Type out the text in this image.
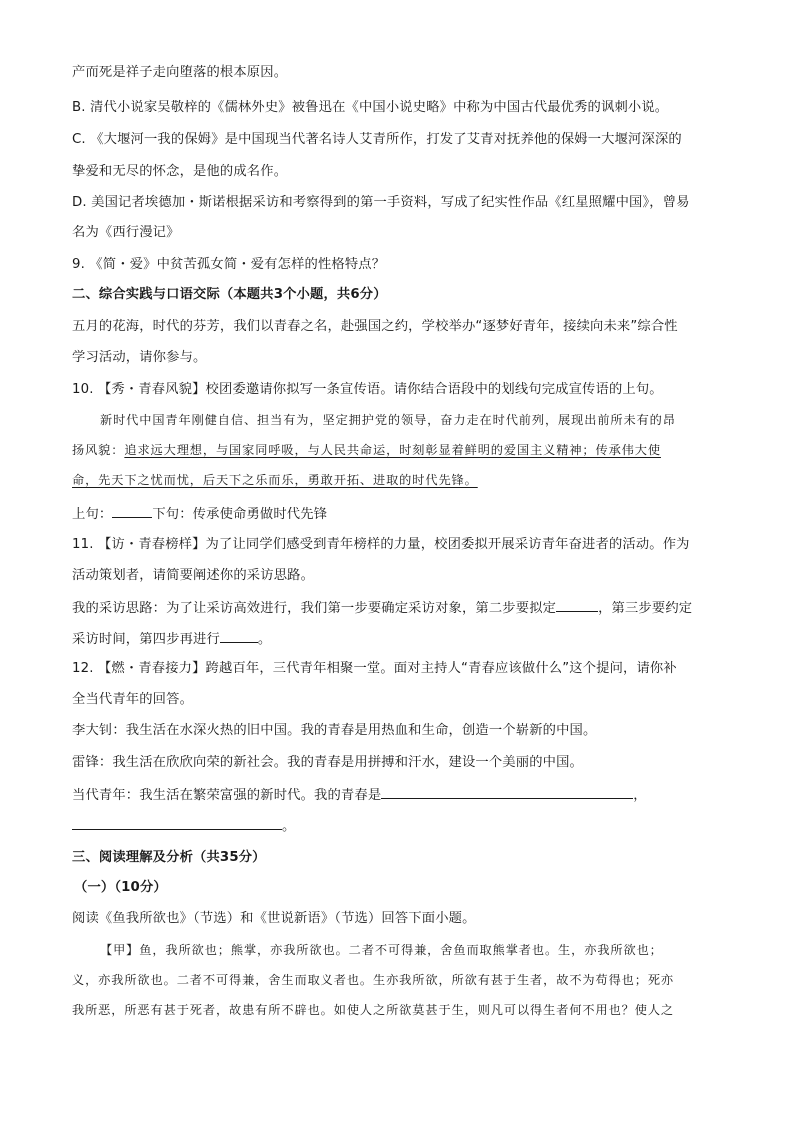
产而死是祥子走向堕落的根本原因。
B. 清代小说家吴敬梓的《儒林外史》被鲁迅在《中国小说史略》中称为中国古代最优秀的讽刺小说。
C. 《大堰河一我的保姆》是中国现当代著名诗人艾青所作，打发了艾青对抚养他的保姆一大堰河深深的
挚爱和无尽的怀念，是他的成名作。
D. 美国记者埃德加・斯诺根据采访和考察得到的第一手资料，写成了纪实性作品《红星照耀中国》，曾易
名为《西行漫记》
9. 《简・爱》中贫苦孤女简・爱有怎样的性格特点？
二、综合实践与口语交际（本题共3个小题，共6分）
五月的花海，时代的芬芳，我们以青春之名，赴强国之约，学校举办“逐梦好青年，接续向未来”综合性
学习活动，请你参与。
10. 【秀・青春风貌】校团委邀请你拟写一条宣传语。请你结合语段中的划线句完成宣传语的上句。
新时代中国青年刚健自信、担当有为，坚定拥护党的领导，奋力走在时代前列，展现出前所未有的昂
扬风貌：追求远大理想，与国家同呼吸，与人民共命运，时刻彰显着鲜明的爱国主义精神；传承伟大使
命，先天下之忧而忧，后天下之乐而乐，勇敢开拓、进取的时代先锋。
上句：	下句：传承使命勇做时代先锋
11. 【访・青春榜样】为了让同学们感受到青年榜样的力量，校团委拟开展采访青年奋进者的活动。作为
活动策划者，请简要阐述你的采访思路。
我的采访思路：为了让采访高效进行，我们第一步要确定采访对象，第二步要拟定	，第三步要约定
采访时间，第四步再进行	。
12. 【燃・青春接力】跨越百年，三代青年相聚一堂。面对主持人“青春应该做什么”这个提问，请你补
全当代青年的回答。
李大钊：我生活在水深火热的旧中国。我的青春是用热血和生命，创造一个崭新的中国。
雷锋：我生活在欣欣向荣的新社会。我的青春是用拼搏和汗水，建设一个美丽的中国。
当代青年：我生活在繁荣富强的新时代。我的青春是	，
。
三、阅读理解及分析（共35分）
（一）（10分）
阅读《鱼我所欲也》（节选）和《世说新语》（节选）回答下面小题。
【甲】鱼，我所欲也；熊掌，亦我所欲也。二者不可得兼，舍鱼而取熊掌者也。生，亦我所欲也；
义，亦我所欲也。二者不可得兼，舍生而取义者也。生亦我所欲，所欲有甚于生者，故不为苟得也；死亦
我所恶，所恶有甚于死者，故患有所不辟也。如使人之所欲莫甚于生，则凡可以得生者何不用也？使人之
